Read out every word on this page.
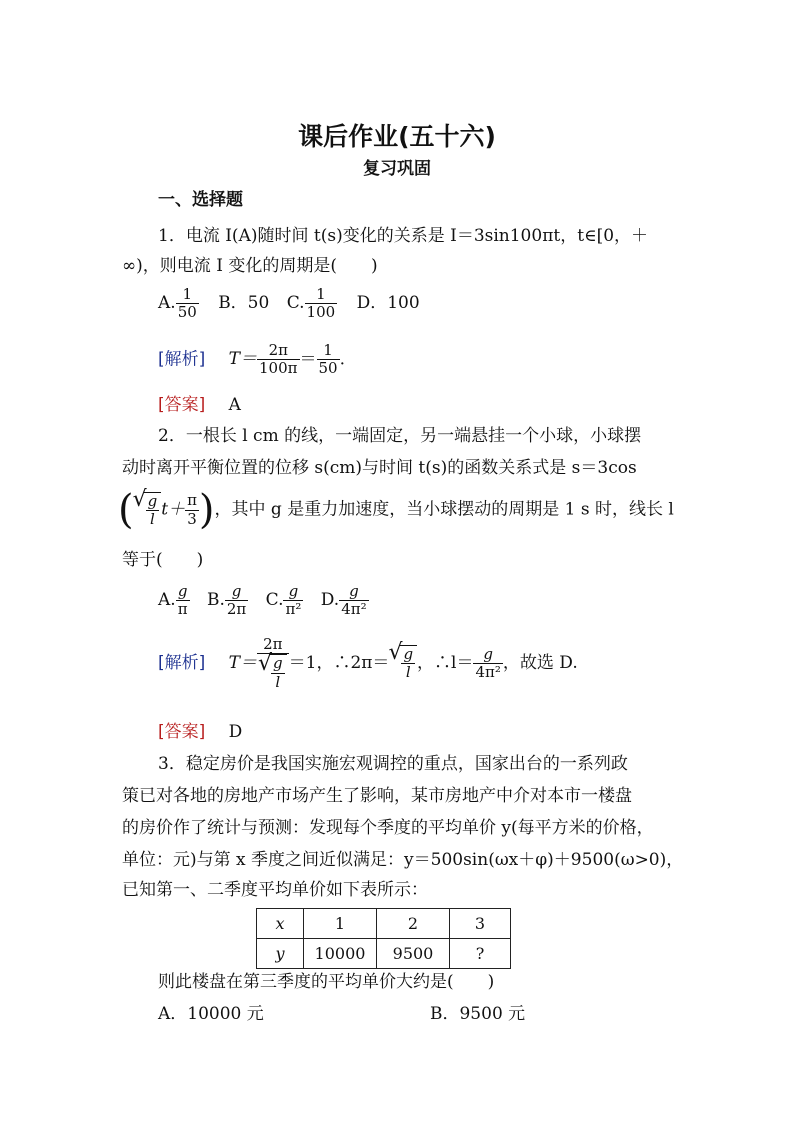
课后作业(五十六)
复习巩固
一、选择题
1．电流 I(A)随时间 t(s)变化的关系是 I＝3sin100πt，t∈[0，＋
∞)，则电流 I 变化的周期是(　　)
A. $\frac{1}{50}$ B．50 C. $\frac{1}{100}$ D．100
[解析] $T= \frac{2\pi}{100\pi} = \frac{1}{50}$ .
[答案] A
2．一根长 l cm 的线，一端固定，另一端悬挂一个小球，小球摆
动时离开平衡位置的位移 s(cm)与时间 t(s)的函数关系式是 s＝3cos
( √ $\frac{g}{l} t+ \frac{\pi}{3}$ )，其中 g 是重力加速度，当小球摆动的周期是 1 s 时，线长 l
等于(　　)
A. $\frac{g}{\pi} B$. $\frac{g}{2\pi} C$. $\frac{g}{\text{π²}} D$. $\frac{g}{\text{4π²}}$
[解析] T＝ 2π
√ $\frac{g}{l} =1$，∴2π＝ √ $\frac{g}{l}$ ，∴l＝ $\frac{g}{\text{4π²}}$ ，故选 D.
[答案] D
3．稳定房价是我国实施宏观调控的重点，国家出台的一系列政
策已对各地的房地产市场产生了影响，某市房地产中介对本市一楼盘
的房价作了统计与预测：发现每个季度的平均单价 y(每平方米的价格，
单位：元)与第 x 季度之间近似满足：y＝500sin(ωx＋φ)＋9500(ω>0)，
已知第一、二季度平均单价如下表所示：
x	1	2	3
y	10000	9500	?
则此楼盘在第三季度的平均单价大约是(　　)
A．10000 元	B．9500 元
